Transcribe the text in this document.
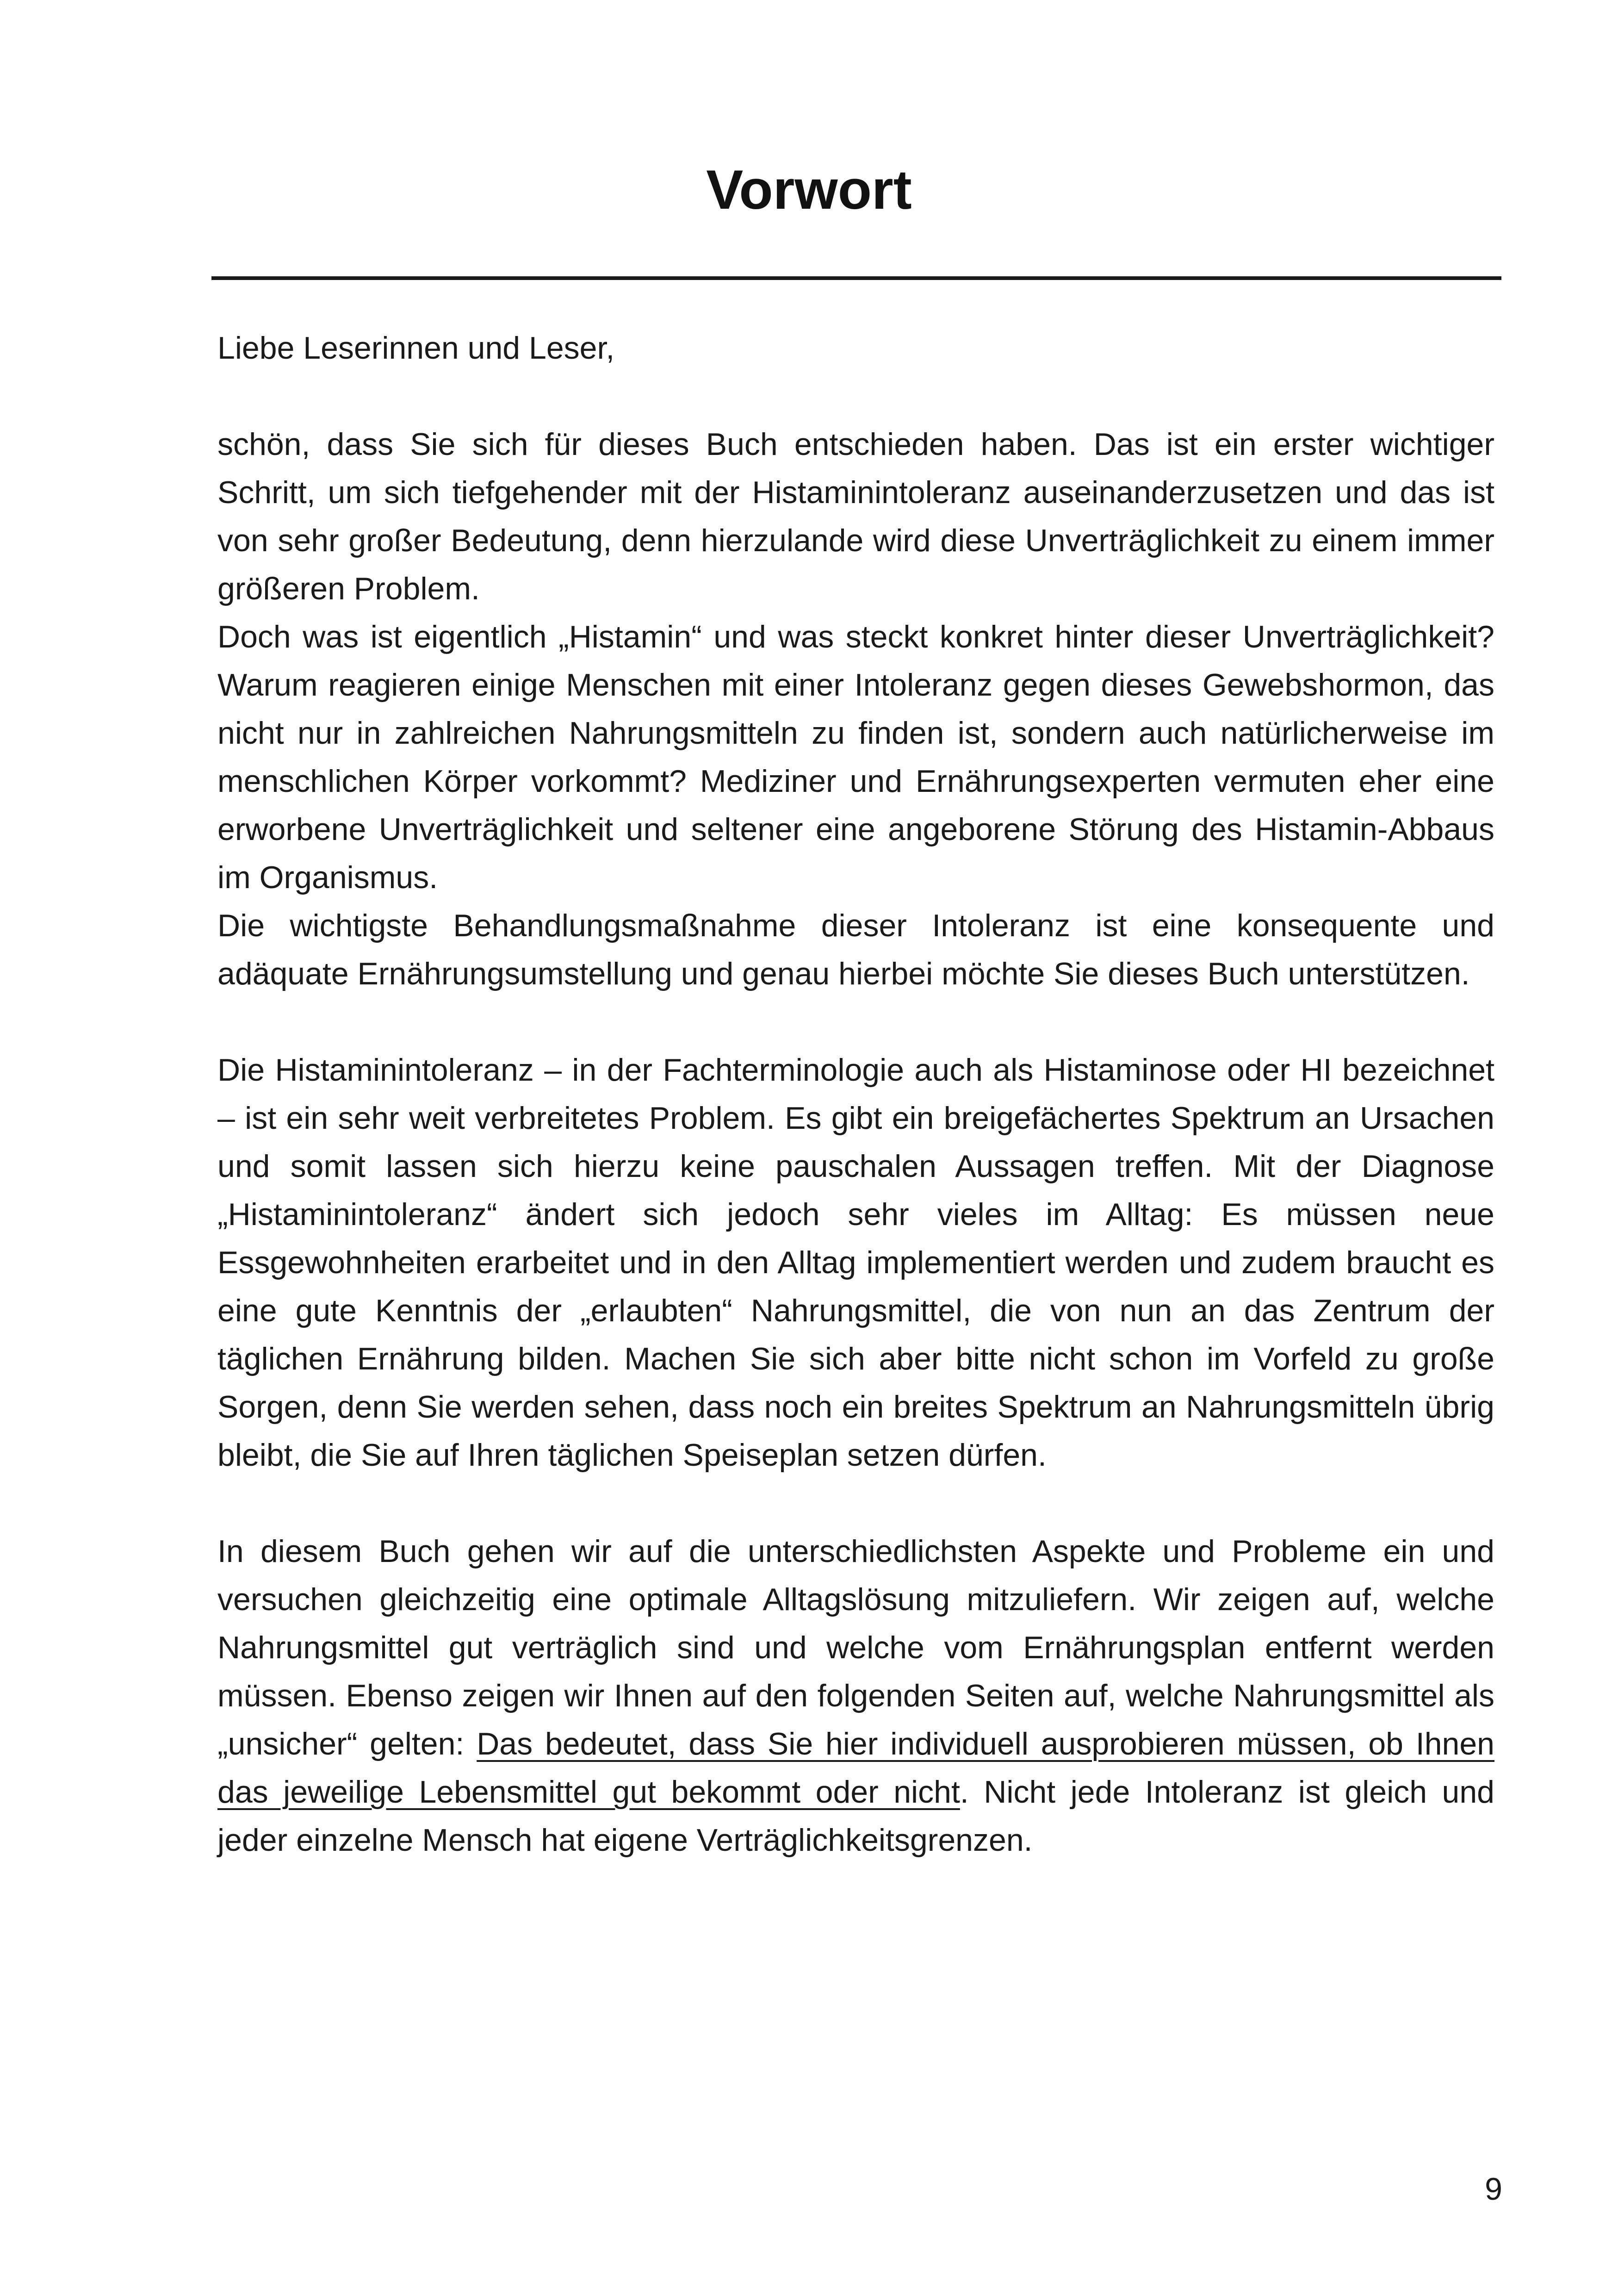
Vorwort

Liebe Leserinnen und Leser,

schön, dass Sie sich für dieses Buch entschieden haben. Das ist ein erster wichtiger Schritt, um sich tiefgehender mit der Histaminintoleranz auseinanderzusetzen und das ist von sehr großer Bedeutung, denn hierzulande wird diese Unverträglichkeit zu einem immer größeren Problem.

Doch was ist eigentlich „Histamin“ und was steckt konkret hinter dieser Unverträglichkeit? Warum reagieren einige Menschen mit einer Intoleranz gegen dieses Gewebshormon, das nicht nur in zahlreichen Nahrungsmitteln zu finden ist, sondern auch natürlicherweise im menschlichen Körper vorkommt? Mediziner und Ernährungsexperten vermuten eher eine erworbene Unverträglichkeit und seltener eine angeborene Störung des Histamin-Abbaus im Organismus.

Die wichtigste Behandlungsmaßnahme dieser Intoleranz ist eine konsequente und adäquate Ernährungsumstellung und genau hierbei möchte Sie dieses Buch unterstützen.

Die Histaminintoleranz – in der Fachterminologie auch als Histaminose oder HI bezeichnet – ist ein sehr weit verbreitetes Problem. Es gibt ein breigefächertes Spektrum an Ursachen und somit lassen sich hierzu keine pauschalen Aussagen treffen. Mit der Diagnose „Histaminintoleranz“ ändert sich jedoch sehr vieles im Alltag: Es müssen neue Essgewohnheiten erarbeitet und in den Alltag implementiert werden und zudem braucht es eine gute Kenntnis der „erlaubten“ Nahrungsmittel, die von nun an das Zentrum der täglichen Ernährung bilden. Machen Sie sich aber bitte nicht schon im Vorfeld zu große Sorgen, denn Sie werden sehen, dass noch ein breites Spektrum an Nahrungsmitteln übrig bleibt, die Sie auf Ihren täglichen Speiseplan setzen dürfen.

In diesem Buch gehen wir auf die unterschiedlichsten Aspekte und Probleme ein und versuchen gleichzeitig eine optimale Alltagslösung mitzuliefern. Wir zeigen auf, welche Nahrungsmittel gut verträglich sind und welche vom Ernährungsplan entfernt werden müssen. Ebenso zeigen wir Ihnen auf den folgenden Seiten auf, welche Nahrungsmittel als „unsicher“ gelten: Das bedeutet, dass Sie hier individuell ausprobieren müssen, ob Ihnen das jeweilige Lebensmittel gut bekommt oder nicht. Nicht jede Intoleranz ist gleich und jeder einzelne Mensch hat eigene Verträglichkeitsgrenzen.

9
